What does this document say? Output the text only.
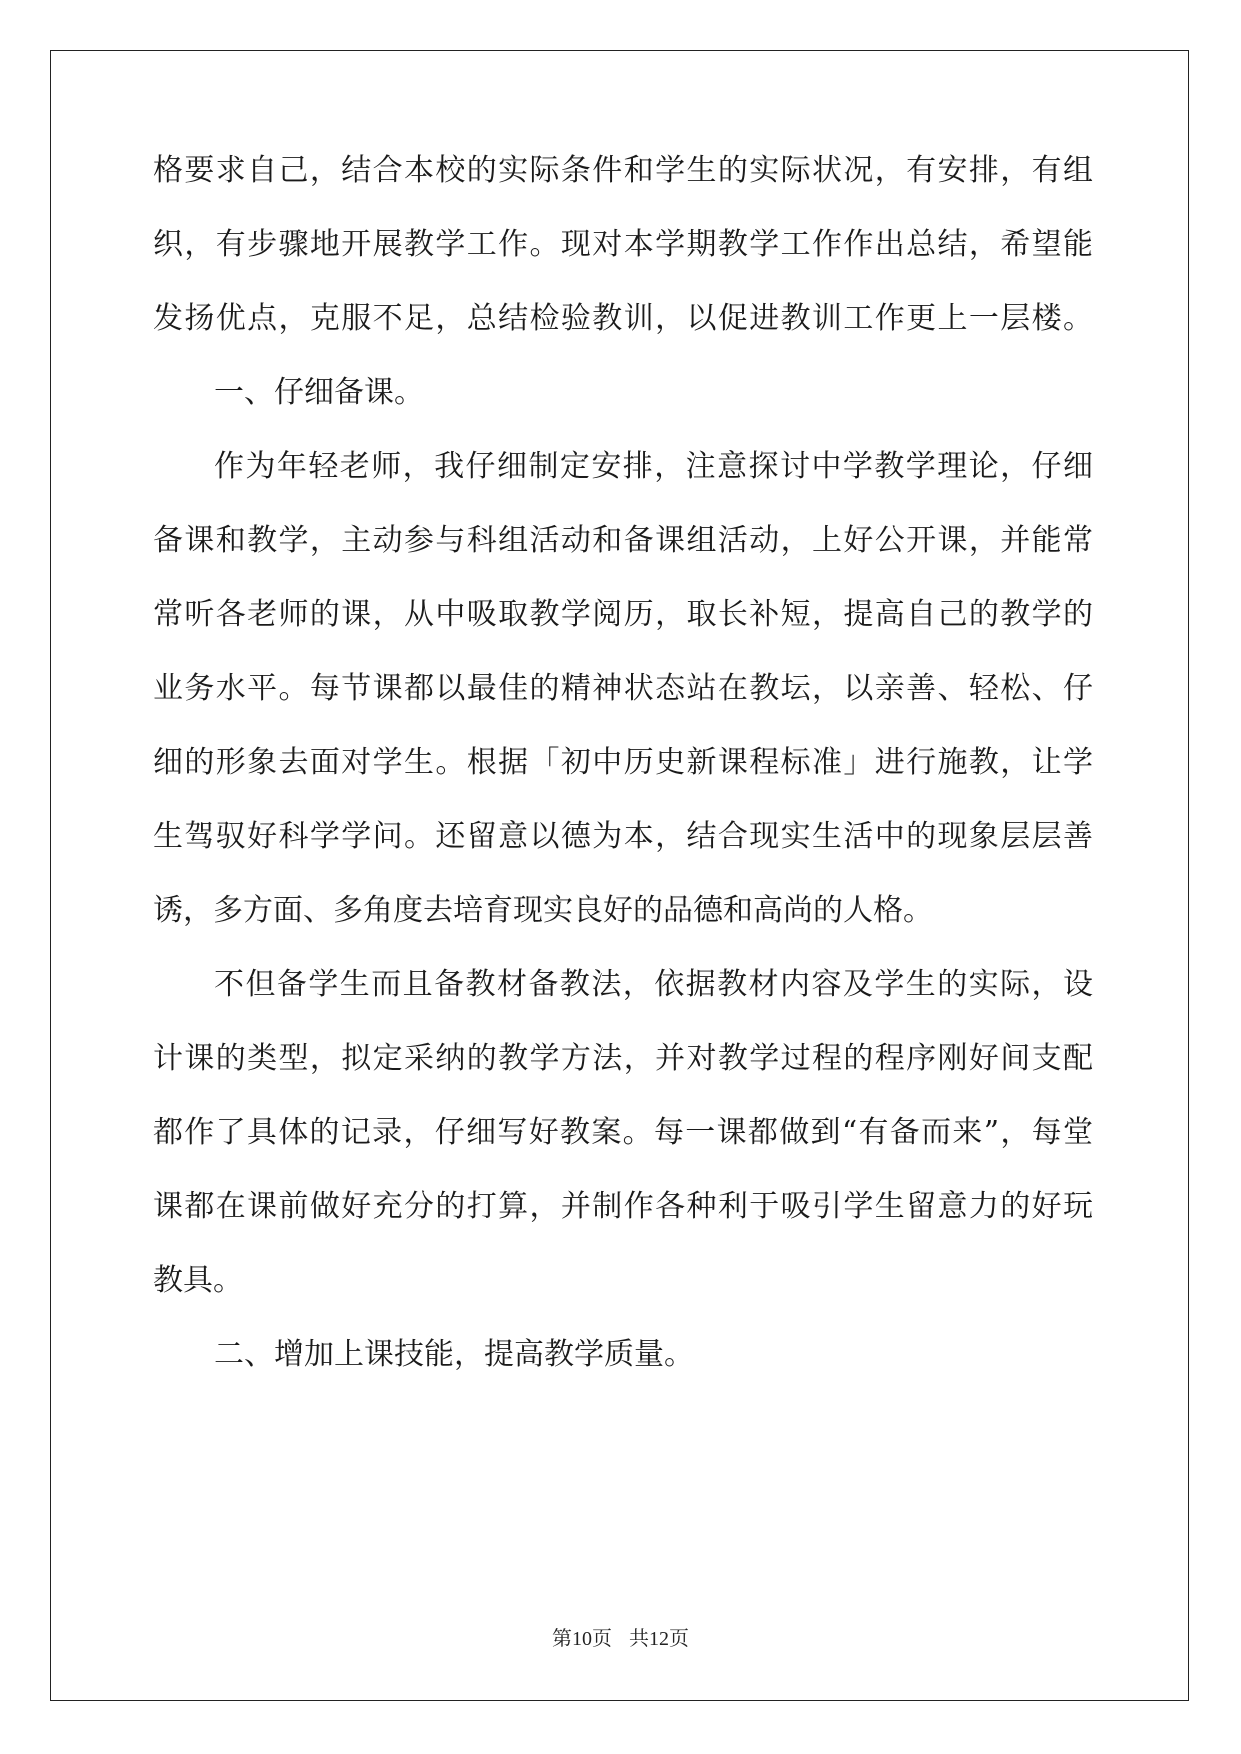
格要求自己，结合本校的实际条件和学生的实际状况，有安排，有组
织，有步骤地开展教学工作。现对本学期教学工作作出总结，希望能
发扬优点，克服不足，总结检验教训，以促进教训工作更上一层楼。
一、仔细备课。
作为年轻老师，我仔细制定安排，注意探讨中学教学理论，仔细
备课和教学，主动参与科组活动和备课组活动，上好公开课，并能常
常听各老师的课，从中吸取教学阅历，取长补短，提高自己的教学的
业务水平。每节课都以最佳的精神状态站在教坛，以亲善、轻松、仔
细的形象去面对学生。根据「初中历史新课程标准」进行施教，让学
生驾驭好科学学问。还留意以德为本，结合现实生活中的现象层层善
诱，多方面、多角度去培育现实良好的品德和高尚的人格。
不但备学生而且备教材备教法，依据教材内容及学生的实际，设
计课的类型，拟定采纳的教学方法，并对教学过程的程序刚好间支配
都作了具体的记录，仔细写好教案。每一课都做到“有备而来”，每堂
课都在课前做好充分的打算，并制作各种利于吸引学生留意力的好玩
教具。
二、增加上课技能，提高教学质量。
第10页 共12页
